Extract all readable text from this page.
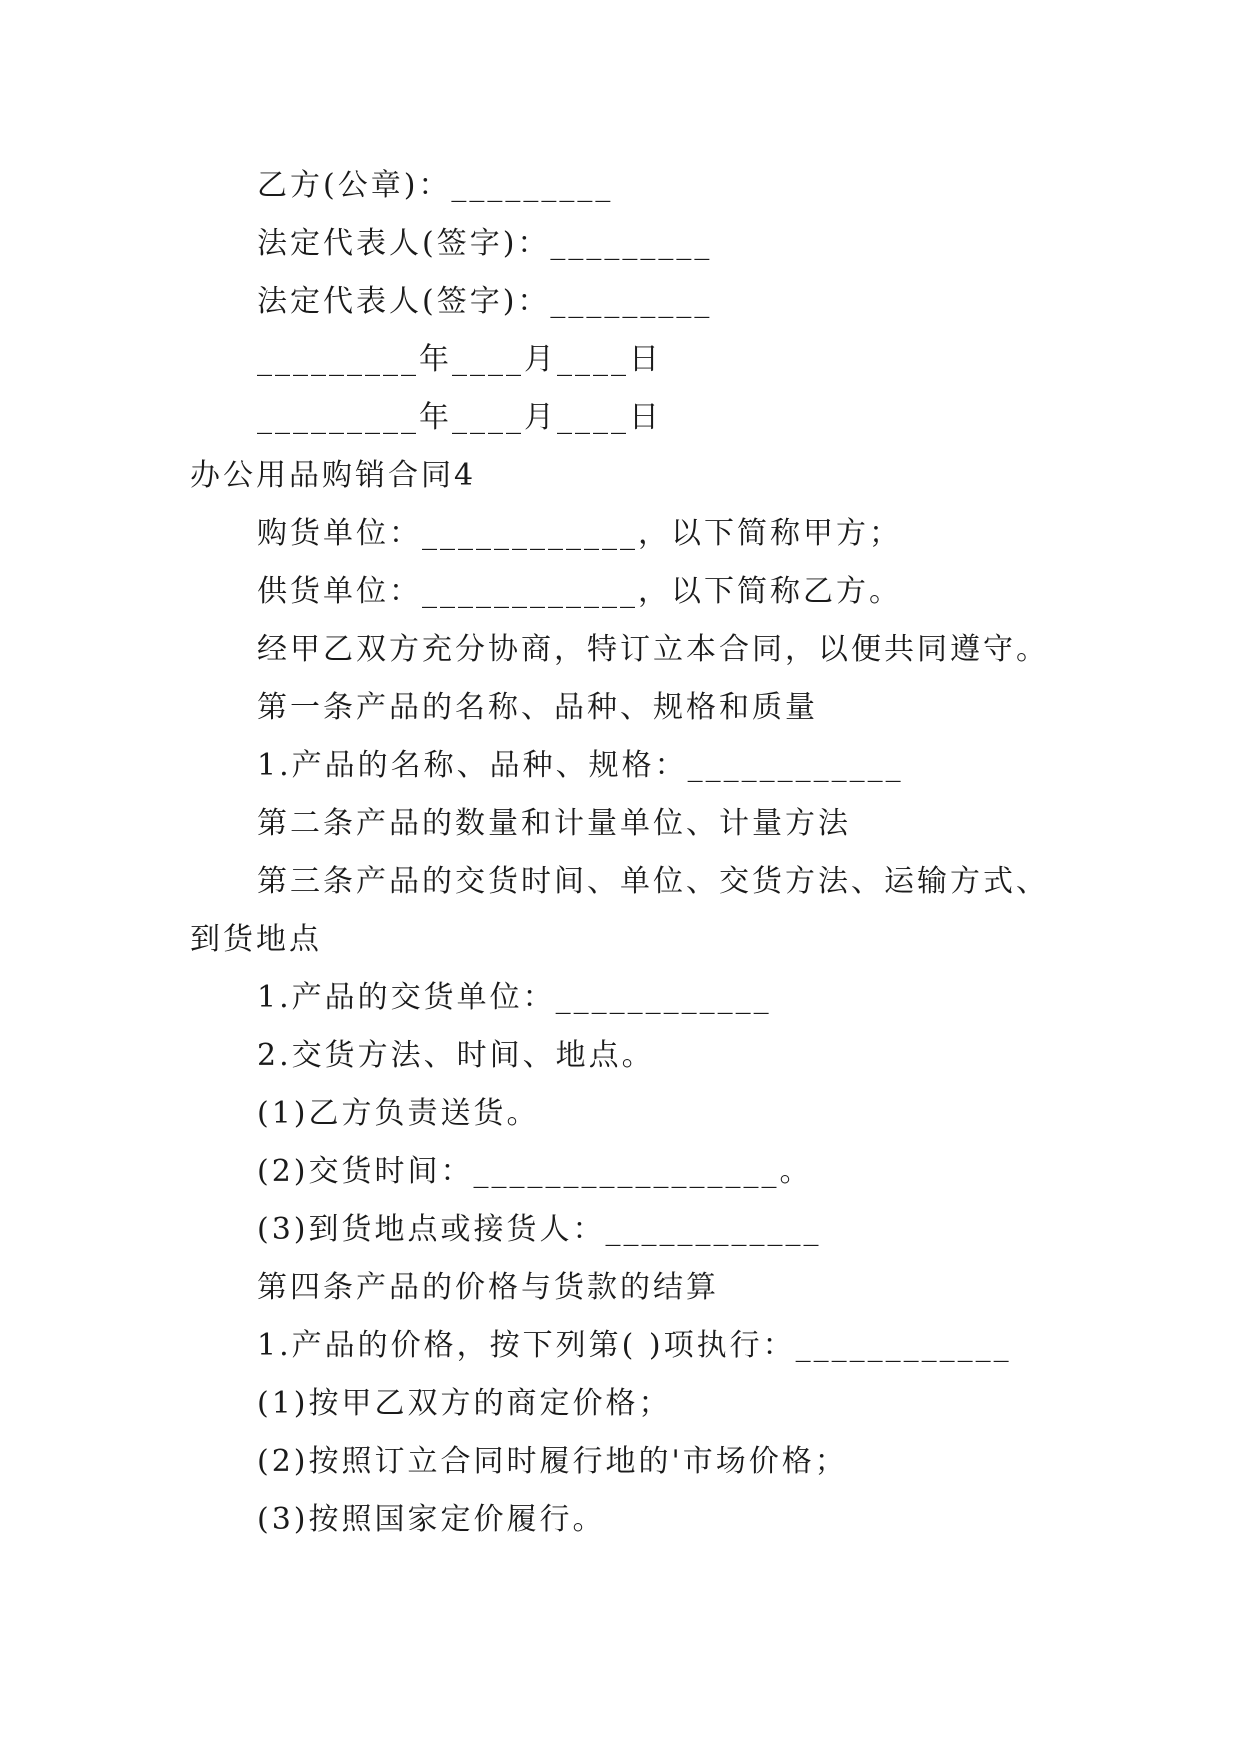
乙方(公章)：_________
法定代表人(签字)：_________
法定代表人(签字)：_________
_________年____月____日
_________年____月____日
办公用品购销合同4
购货单位：____________，以下简称甲方；
供货单位：____________，以下简称乙方。
经甲乙双方充分协商，特订立本合同，以便共同遵守。
第一条产品的名称、品种、规格和质量
1.产品的名称、品种、规格：____________
第二条产品的数量和计量单位、计量方法
第三条产品的交货时间、单位、交货方法、运输方式、
到货地点
1.产品的交货单位：____________
2.交货方法、时间、地点。
(1)乙方负责送货。
(2)交货时间：_________________。
(3)到货地点或接货人：____________
第四条产品的价格与货款的结算
1.产品的价格，按下列第( )项执行：____________
(1)按甲乙双方的商定价格；
(2)按照订立合同时履行地的'市场价格；
(3)按照国家定价履行。
